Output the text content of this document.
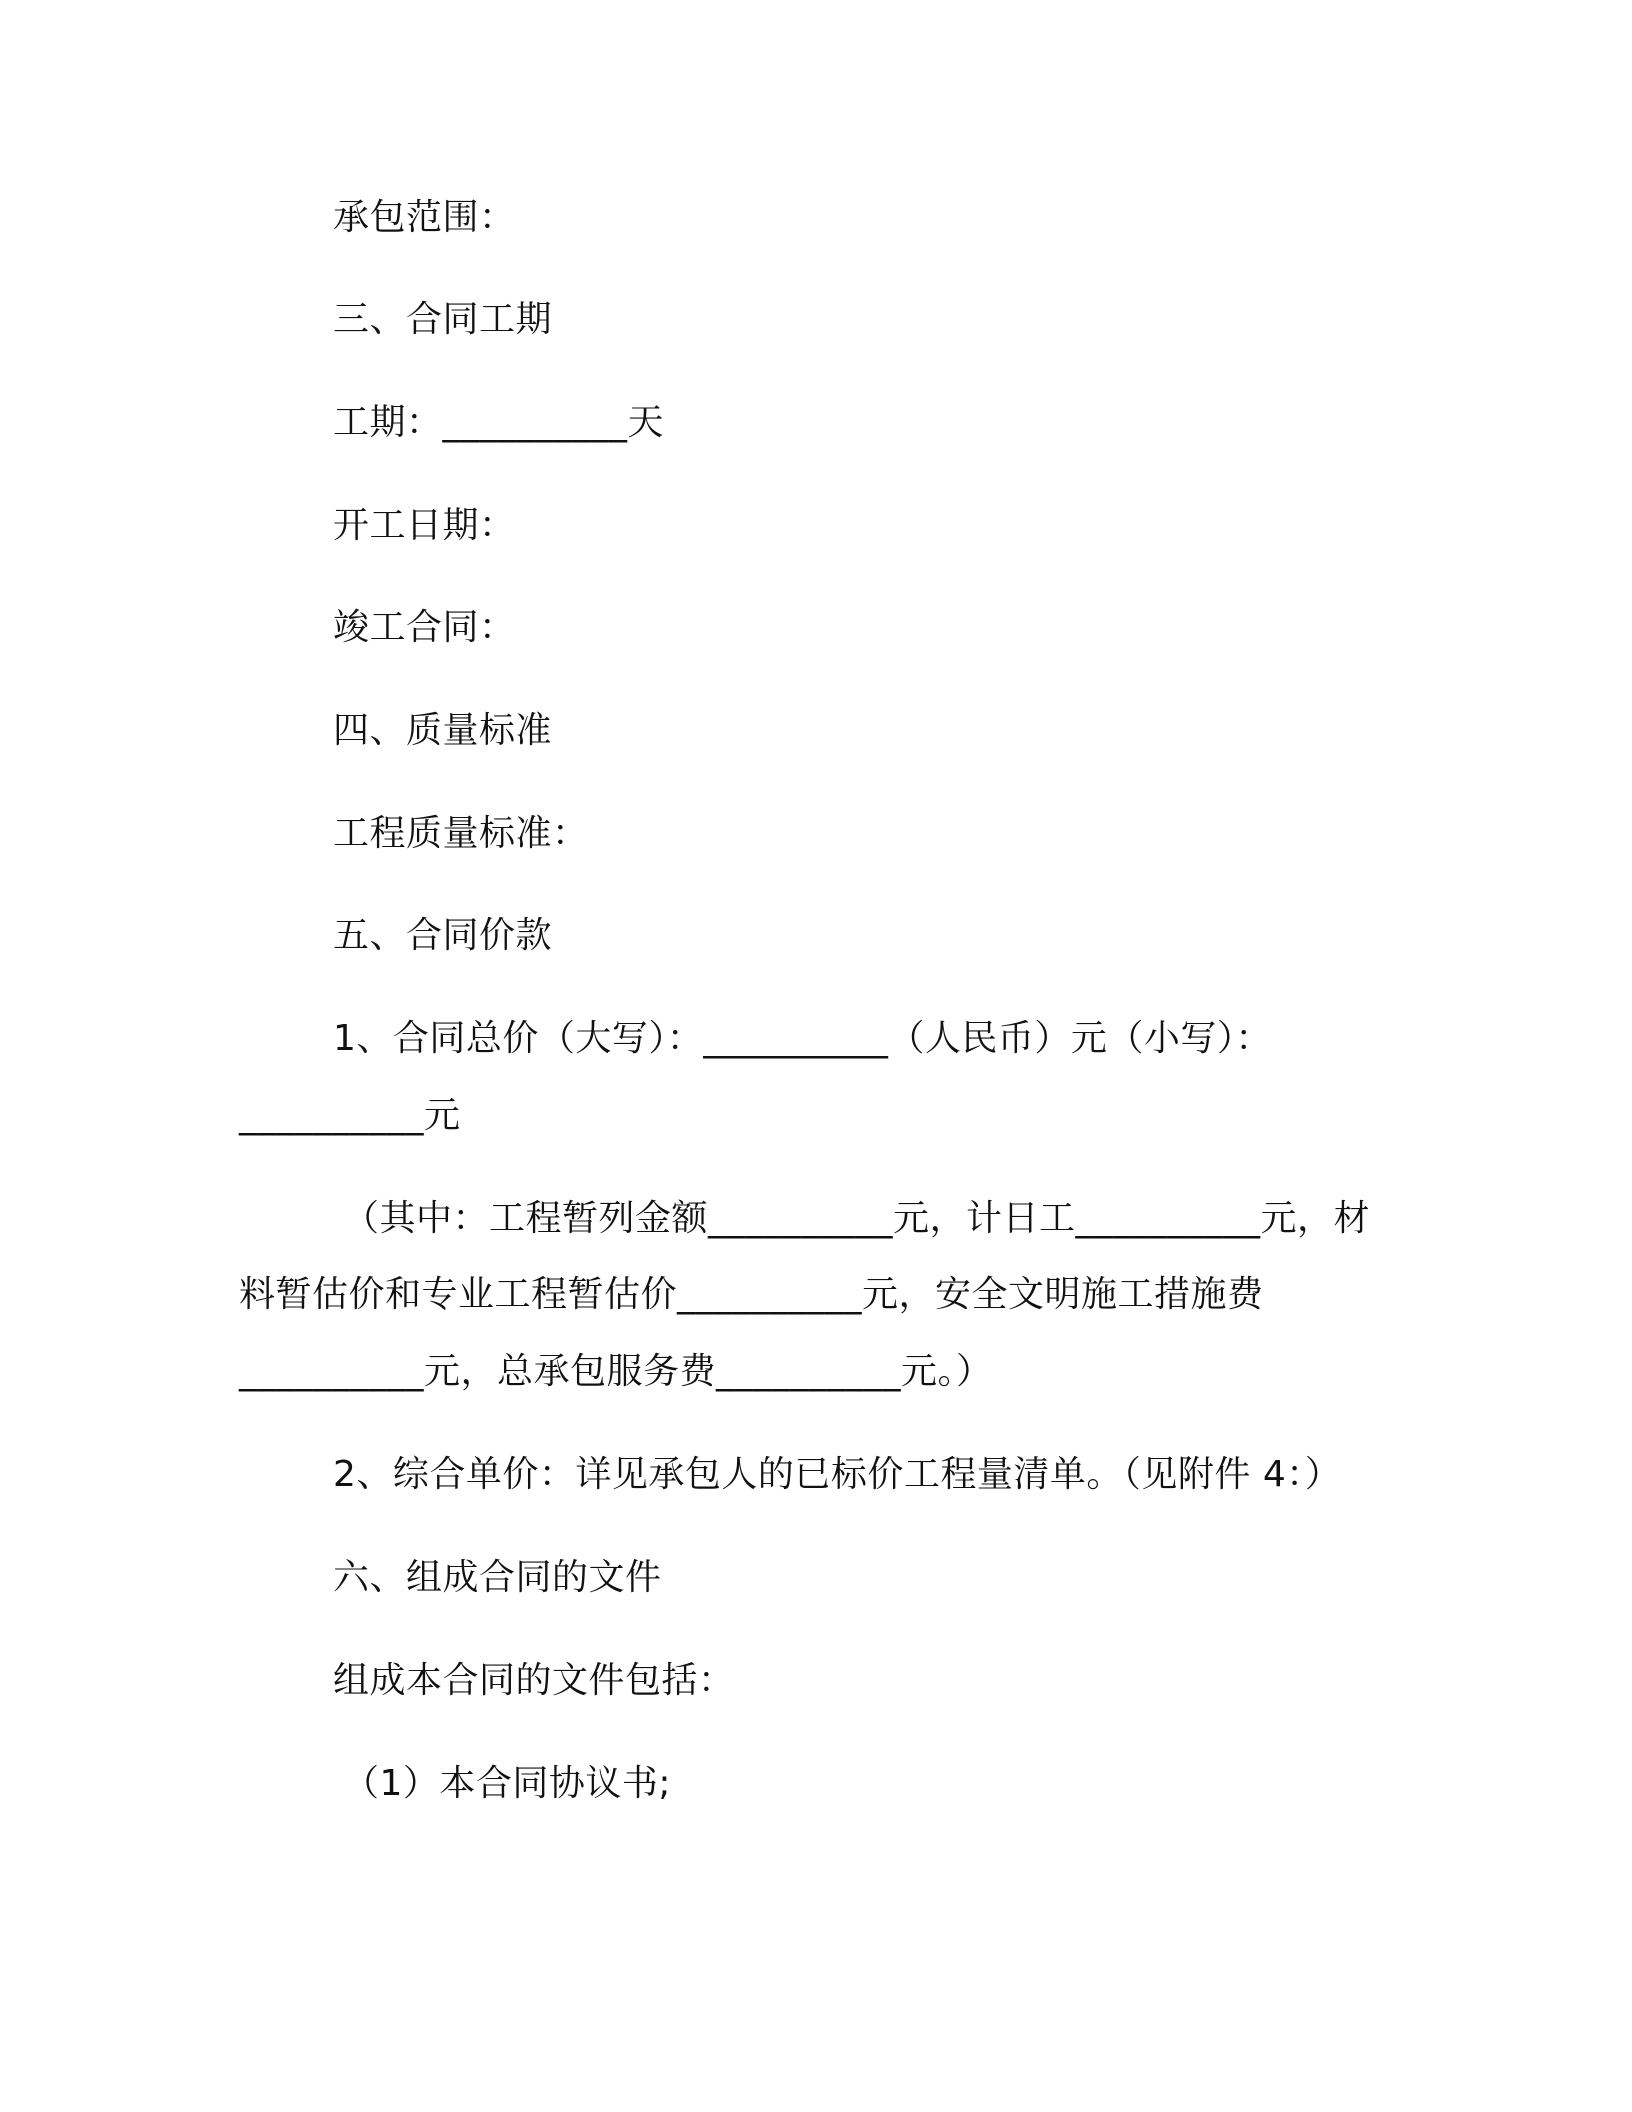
承包范围：
三、合同工期
工期：__________天
开工日期：
竣工合同：
四、质量标准
工程质量标准：
五、合同价款
1、合同总价（大写）：__________（人民币）元（小写）：
__________元
（其中：工程暂列金额__________元，计日工__________元，材
料暂估价和专业工程暂估价__________元，安全文明施工措施费
__________元，总承包服务费__________元。）
2、综合单价：详见承包人的已标价工程量清单。（见附件 4：）
六、组成合同的文件
组成本合同的文件包括：
（1）本合同协议书;
